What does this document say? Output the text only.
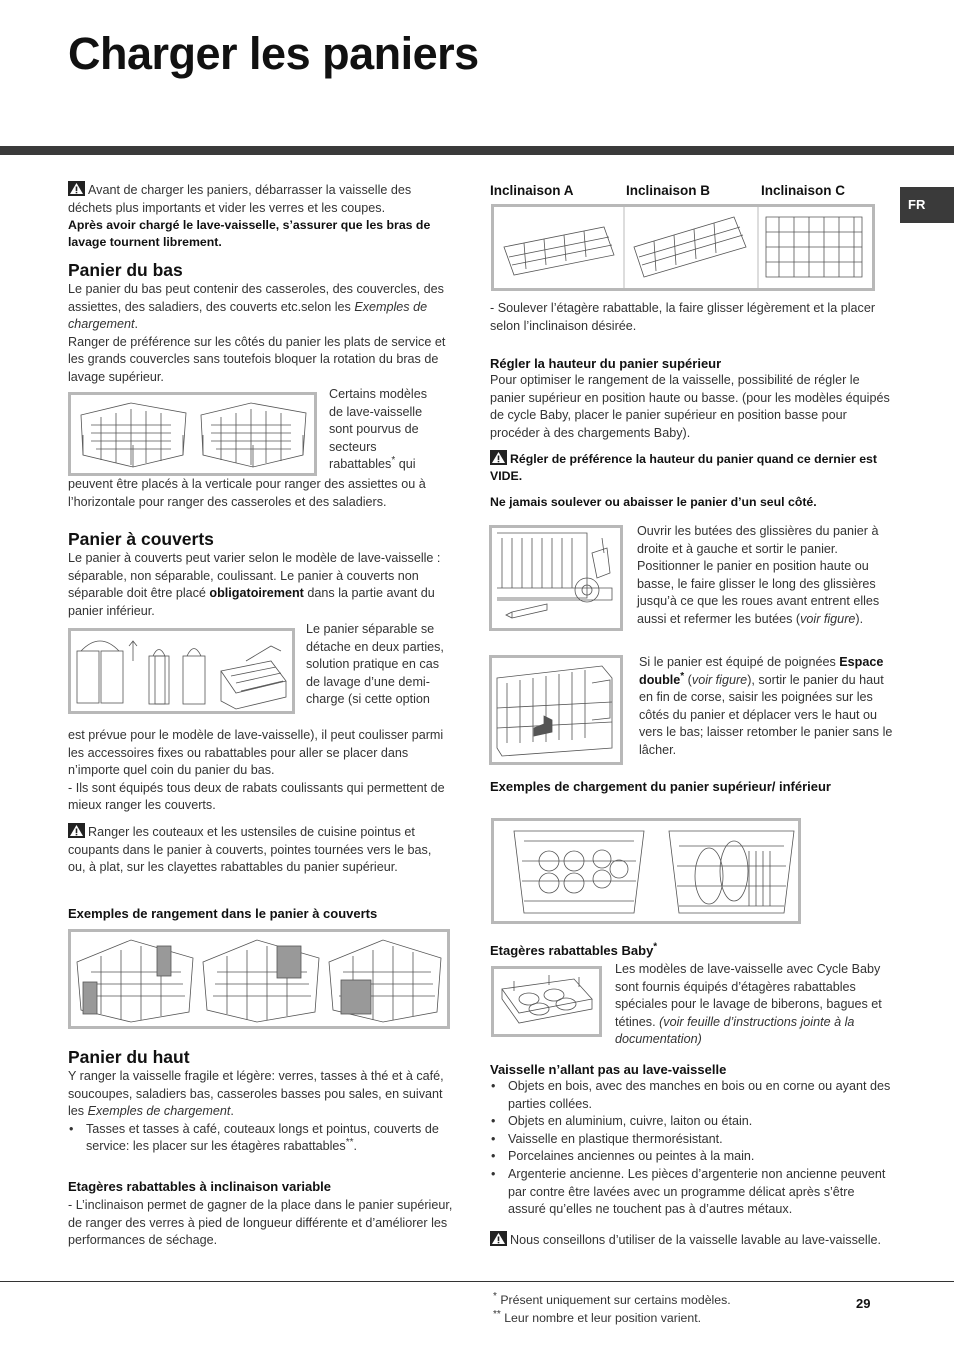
Charger les paniers
FR

Avant de charger les paniers, débarrasser la vaisselle des déchets plus importants et vider les verres et les coupes.

Après avoir chargé le lave-vaisselle, s’assurer que les bras de lavage tournent librement.

Panier du bas

Le panier du bas peut contenir des casseroles, des couvercles, des assiettes, des saladiers, des couverts etc.selon les Exemples de chargement.

Ranger de préférence sur les côtés du panier les plats de service et les grands couvercles sans toutefois bloquer la rotation du bras de lavage supérieur.

Certains modèles de lave-vaisselle sont pourvus de secteurs rabattables* qui

peuvent être placés à la verticale pour ranger des assiettes ou à l’horizontale pour ranger des casseroles et des saladiers.

Panier à couverts

Le panier à couverts peut varier selon le modèle de lave-vaisselle : séparable, non séparable, coulissant. Le panier à couverts non séparable doit être placé obligatoirement dans la partie avant du panier inférieur.

Le panier séparable se détache en deux parties, solution pratique en cas de lavage d’une demi-charge (si cette option

est prévue pour le modèle de lave-vaisselle), il peut coulisser parmi les accessoires fixes ou rabattables pour aller se placer dans n’importe quel coin du panier du bas.

- Ils sont équipés tous deux de rabats coulissants qui permettent de mieux ranger les couverts.

Ranger les couteaux et les ustensiles de cuisine pointus et coupants dans le panier à couverts, pointes tournées vers le bas, ou, à plat, sur les clayettes rabattables du panier supérieur.

Exemples de rangement dans le panier à couverts

Panier du haut

Y ranger la vaisselle fragile et légère: verres, tasses à thé et à café, soucoupes, saladiers bas, casseroles basses pou sales, en suivant les Exemples de chargement.

• Tasses et tasses à café, couteaux longs et pointus, couverts de service: les placer sur les étagères rabattables**.

Etagères rabattables à inclinaison variable

- L’inclinaison permet de gagner de la place dans le panier supérieur, de ranger des verres à pied de longueur différente et d’améliorer les performances de séchage.

Inclinaison A	Inclinaison B	Inclinaison C

- Soulever l’étagère rabattable, la faire glisser légèrement et la placer selon l’inclinaison désirée.

Régler la hauteur du panier supérieur

Pour optimiser le rangement de la vaisselle, possibilité de régler le panier supérieur en position haute ou basse. (pour les modèles équipés de cycle Baby, placer le panier supérieur en position basse pour procéder à des chargements Baby).

Régler de préférence la hauteur du panier quand ce dernier est VIDE.

Ne jamais soulever ou abaisser le panier d’un seul côté.

Ouvrir les butées des glissières du panier à droite et à gauche et sortir le panier. Positionner le panier en position haute ou basse, le faire glisser le long des glissières jusqu’à ce que les roues avant entrent elles aussi et refermer les butées (voir figure).

Si le panier est équipé de poignées Espace double* (voir figure), sortir le panier du haut en fin de corse, saisir les poignées sur les côtés du panier et déplacer vers le haut ou vers le bas; laisser retomber le panier sans le lâcher.

Exemples de chargement du panier supérieur/ inférieur

Etagères rabattables Baby*

Les modèles de lave-vaisselle avec Cycle Baby sont fournis équipés d’étagères rabattables spéciales pour le lavage de biberons, bagues et tétines. (voir feuille d’instructions jointe à la documentation)

Vaisselle n’allant pas au lave-vaisselle

• Objets en bois, avec des manches en bois ou en corne ou ayant des parties collées.
• Objets en aluminium, cuivre, laiton ou étain.
• Vaisselle en plastique thermorésistant.
• Porcelaines anciennes ou peintes à la main.
• Argenterie ancienne. Les pièces d’argenterie non ancienne peuvent par contre être lavées avec un programme délicat après s’être assuré qu’elles ne touchent pas à d’autres métaux.

Nous conseillons d’utiliser de la vaisselle lavable au lave-vaisselle.

* Présent uniquement sur certains modèles.

** Leur nombre et leur position varient.

29
